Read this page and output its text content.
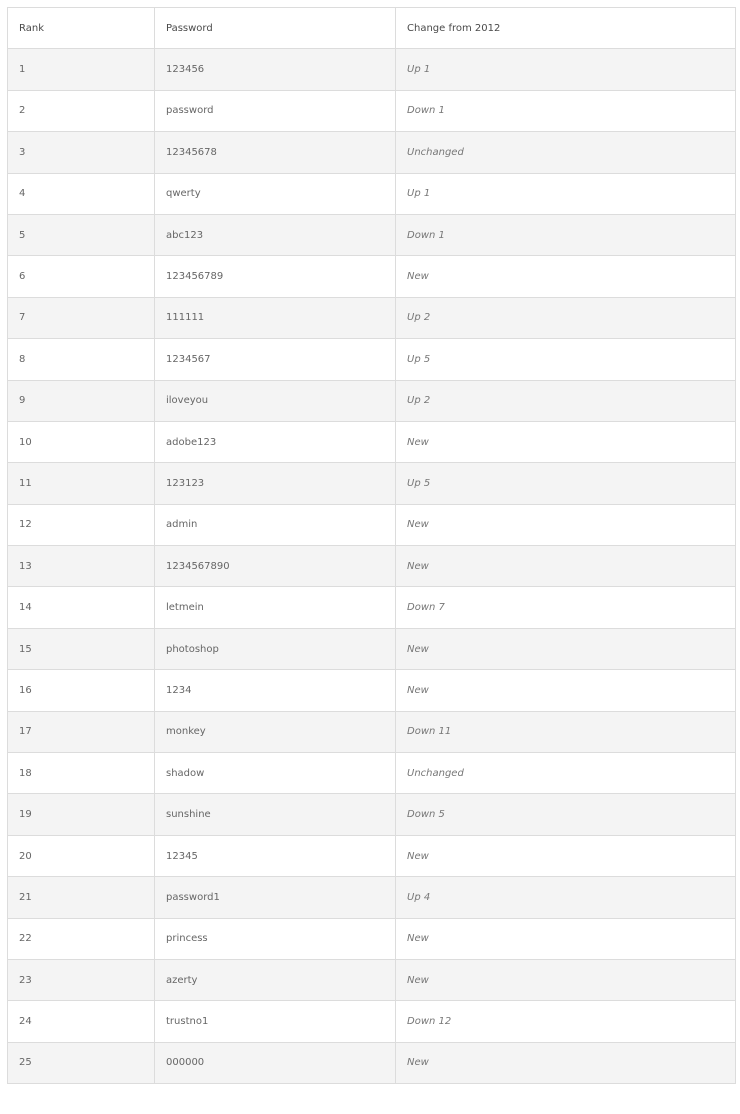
Rank	Password	Change from 2012
1	123456	Up 1
2	password	Down 1
3	12345678	Unchanged
4	qwerty	Up 1
5	abc123	Down 1
6	123456789	New
7	111111	Up 2
8	1234567	Up 5
9	iloveyou	Up 2
10	adobe123	New
11	123123	Up 5
12	admin	New
13	1234567890	New
14	letmein	Down 7
15	photoshop	New
16	1234	New
17	monkey	Down 11
18	shadow	Unchanged
19	sunshine	Down 5
20	12345	New
21	password1	Up 4
22	princess	New
23	azerty	New
24	trustno1	Down 12
25	000000	New
